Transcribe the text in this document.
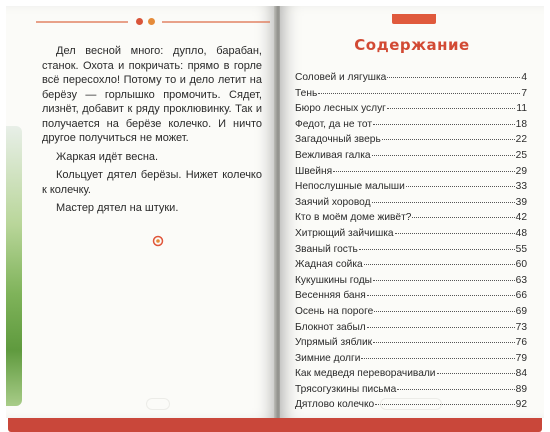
Дел весной много: дупло, барабан, станок. Охота и покричать: прямо в горле всё пересохло! Потому то и дело летит на берёзу — горлышко промочить. Сядет, лизнёт, добавит к ряду проклювинку. Так и получается на берёзе колечко. И ничто другое получиться не может.

Жаркая идёт весна.

Кольцует дятел берёзы. Нижет колечко к колечку.

Мастер дятел на штуки.

Содержание
Соловей и лягушка	4
Тень	7
Бюро лесных услуг	11
Федот, да не тот	18
Загадочный зверь	22
Вежливая галка	25
Швейня	29
Непослушные малыши	33
Заячий хоровод	39
Кто в моём доме живёт?	42
Хитрющий зайчишка	48
Званый гость	55
Жадная сойка	60
Кукушкины годы	63
Весенняя баня	66
Осень на пороге	69
Блокнот забыл	73
Упрямый зяблик	76
Зимние долги	79
Как медведя переворачивали	84
Трясогузкины письма	89
Дятлово колечко	92
